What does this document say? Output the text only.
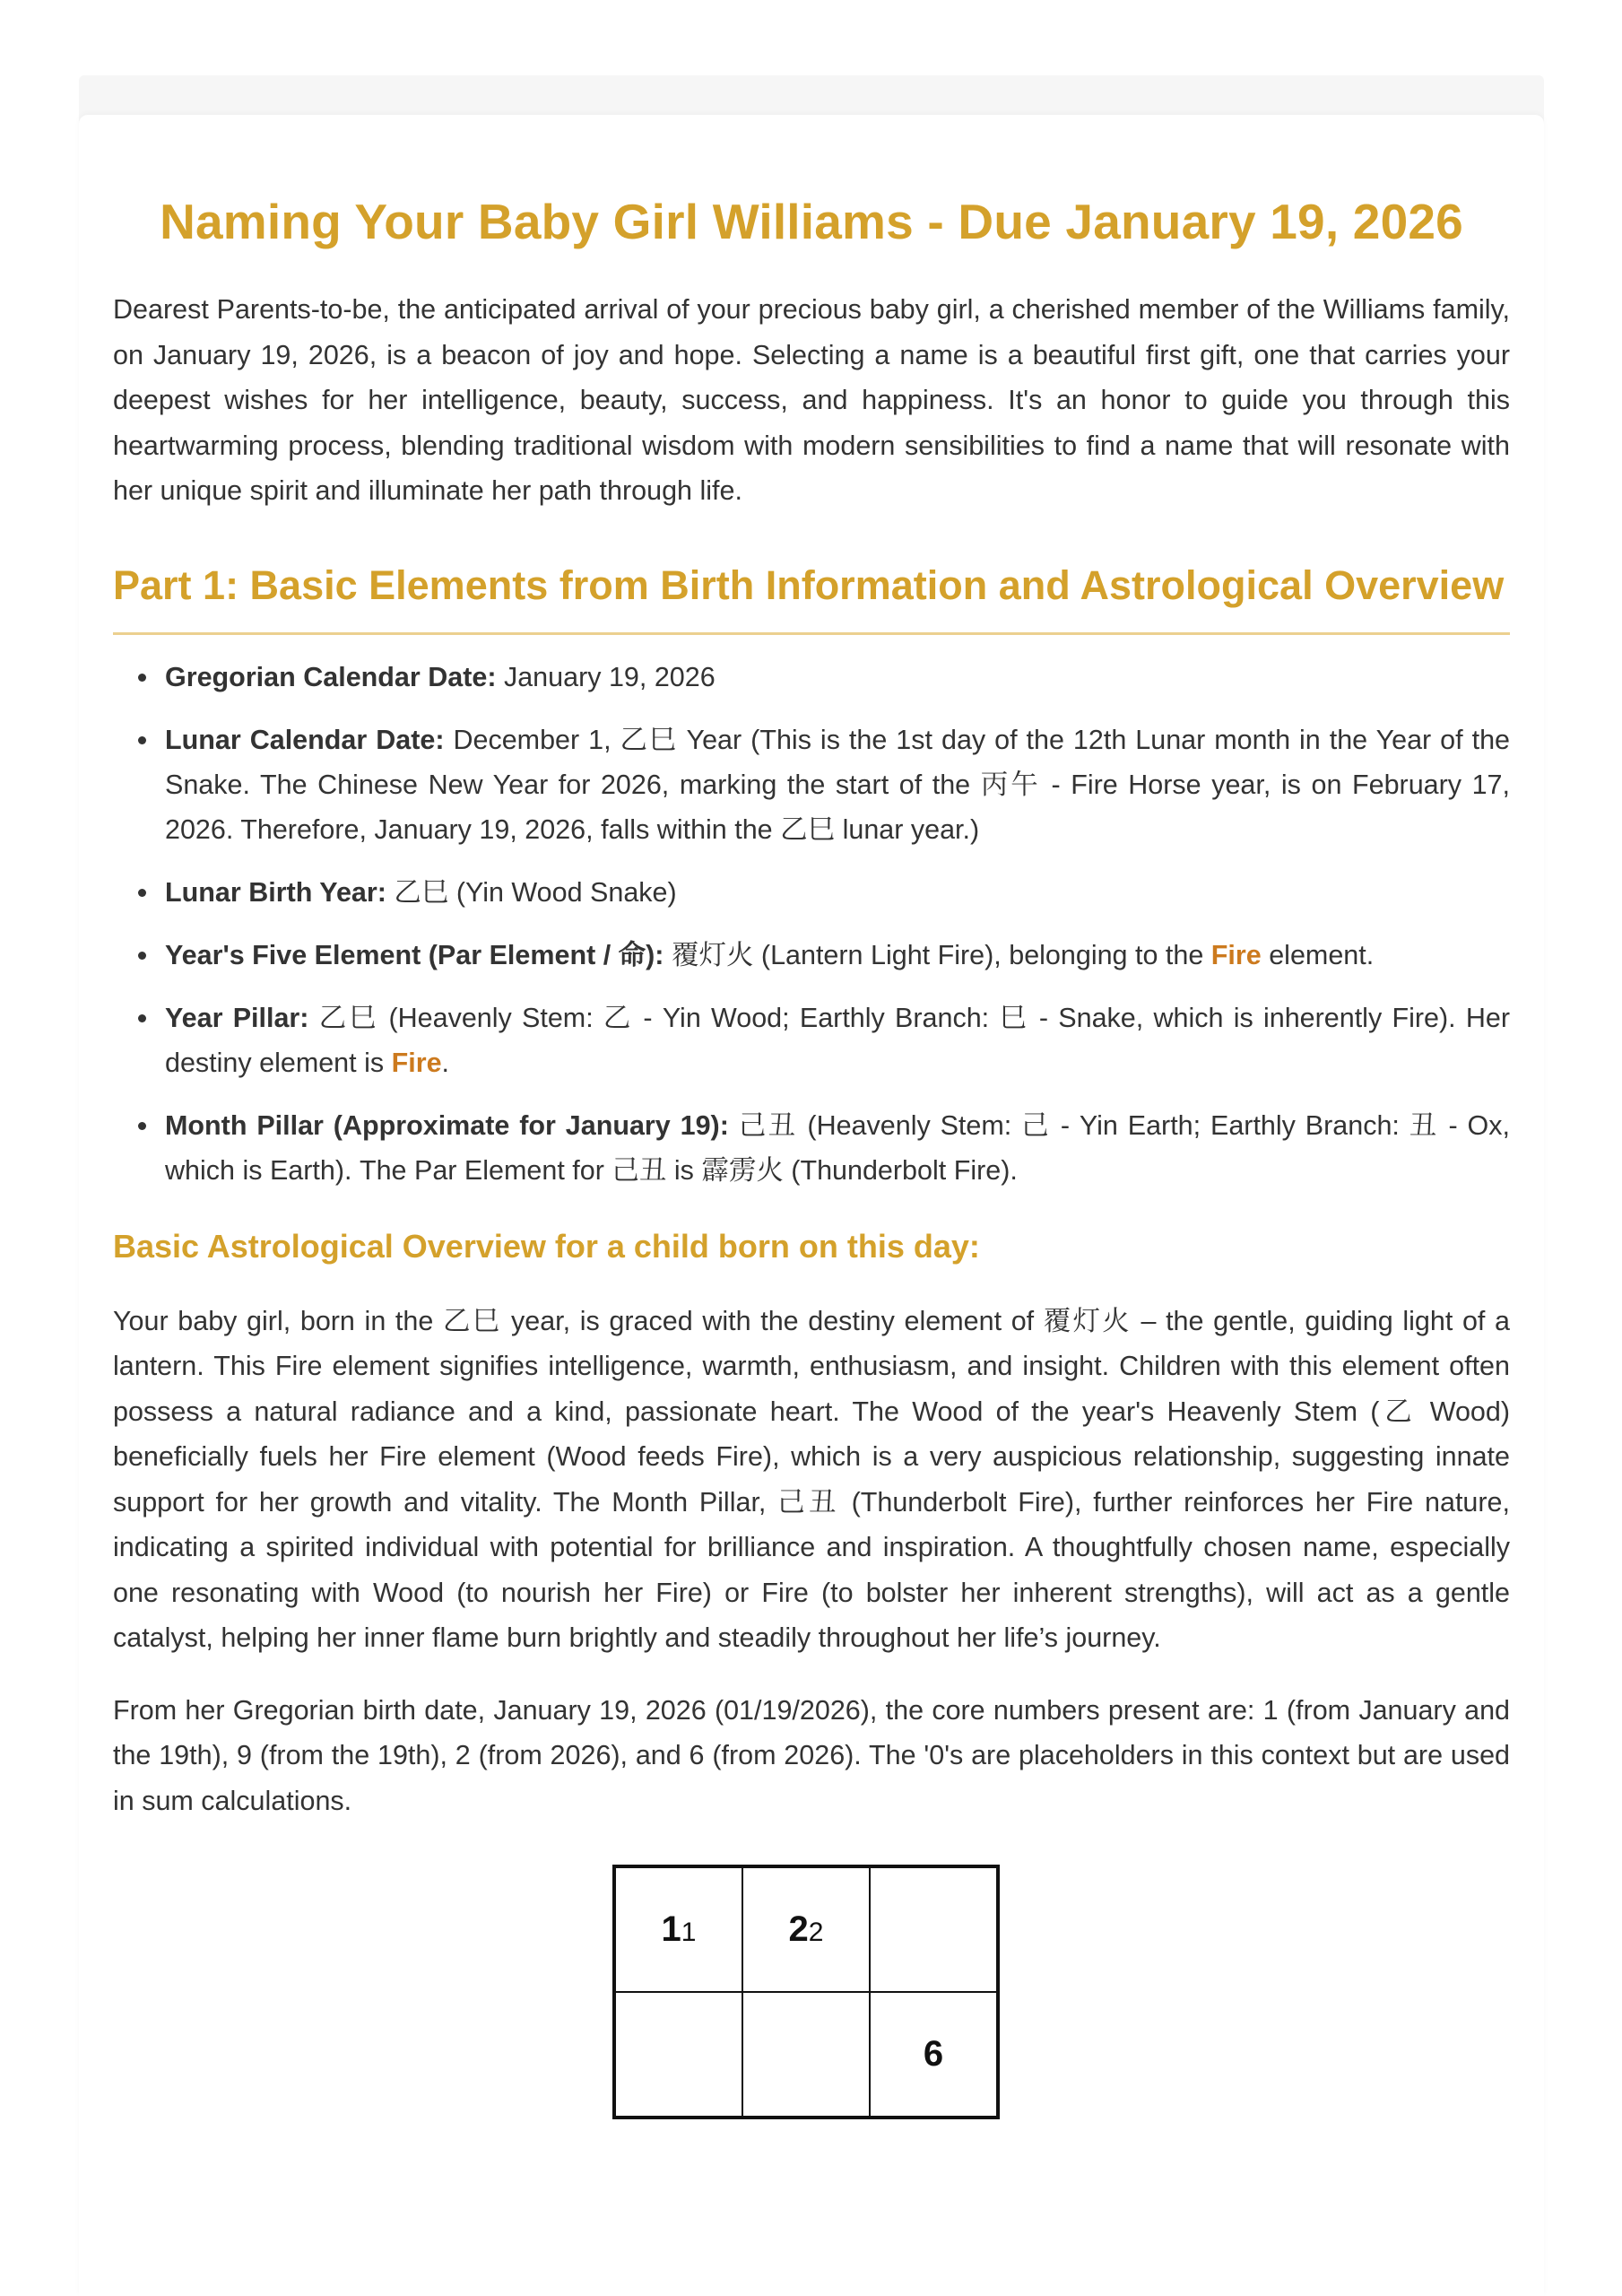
Naming Your Baby Girl Williams - Due January 19, 2026

Dearest Parents-to-be, the anticipated arrival of your precious baby girl, a cherished member of the Williams family, on January 19, 2026, is a beacon of joy and hope. Selecting a name is a beautiful first gift, one that carries your deepest wishes for her intelligence, beauty, success, and happiness. It's an honor to guide you through this heartwarming process, blending traditional wisdom with modern sensibilities to find a name that will resonate with her unique spirit and illuminate her path through life.

Part 1: Basic Elements from Birth Information and Astrological Overview
Gregorian Calendar Date: January 19, 2026
Lunar Calendar Date: December 1, 乙巳 Year (This is the 1st day of the 12th Lunar month in the Year of the Snake. The Chinese New Year for 2026, marking the start of the 丙午 - Fire Horse year, is on February 17, 2026. Therefore, January 19, 2026, falls within the 乙巳 lunar year.)
Lunar Birth Year: 乙巳 (Yin Wood Snake)
Year's Five Element (Par Element / 命): 覆灯火 (Lantern Light Fire), belonging to the Fire element.
Year Pillar: 乙巳 (Heavenly Stem: 乙 - Yin Wood; Earthly Branch: 巳 - Snake, which is inherently Fire). Her destiny element is Fire.
Month Pillar (Approximate for January 19): 己丑 (Heavenly Stem: 己 - Yin Earth; Earthly Branch: 丑 - Ox, which is Earth). The Par Element for 己丑 is 霹雳火 (Thunderbolt Fire).
Basic Astrological Overview for a child born on this day:

Your baby girl, born in the 乙巳 year, is graced with the destiny element of 覆灯火 – the gentle, guiding light of a lantern. This Fire element signifies intelligence, warmth, enthusiasm, and insight. Children with this element often possess a natural radiance and a kind, passionate heart. The Wood of the year's Heavenly Stem (乙 Wood) beneficially fuels her Fire element (Wood feeds Fire), which is a very auspicious relationship, suggesting innate support for her growth and vitality. The Month Pillar, 己丑 (Thunderbolt Fire), further reinforces her Fire nature, indicating a spirited individual with potential for brilliance and inspiration. A thoughtfully chosen name, especially one resonating with Wood (to nourish her Fire) or Fire (to bolster her inherent strengths), will act as a gentle catalyst, helping her inner flame burn brightly and steadily throughout her life’s journey.

From her Gregorian birth date, January 19, 2026 (01/19/2026), the core numbers present are: 1 (from January and the 19th), 9 (from the 19th), 2 (from 2026), and 6 (from 2026). The '0's are placeholders in this context but are used in sum calculations.

11	22	
		6
